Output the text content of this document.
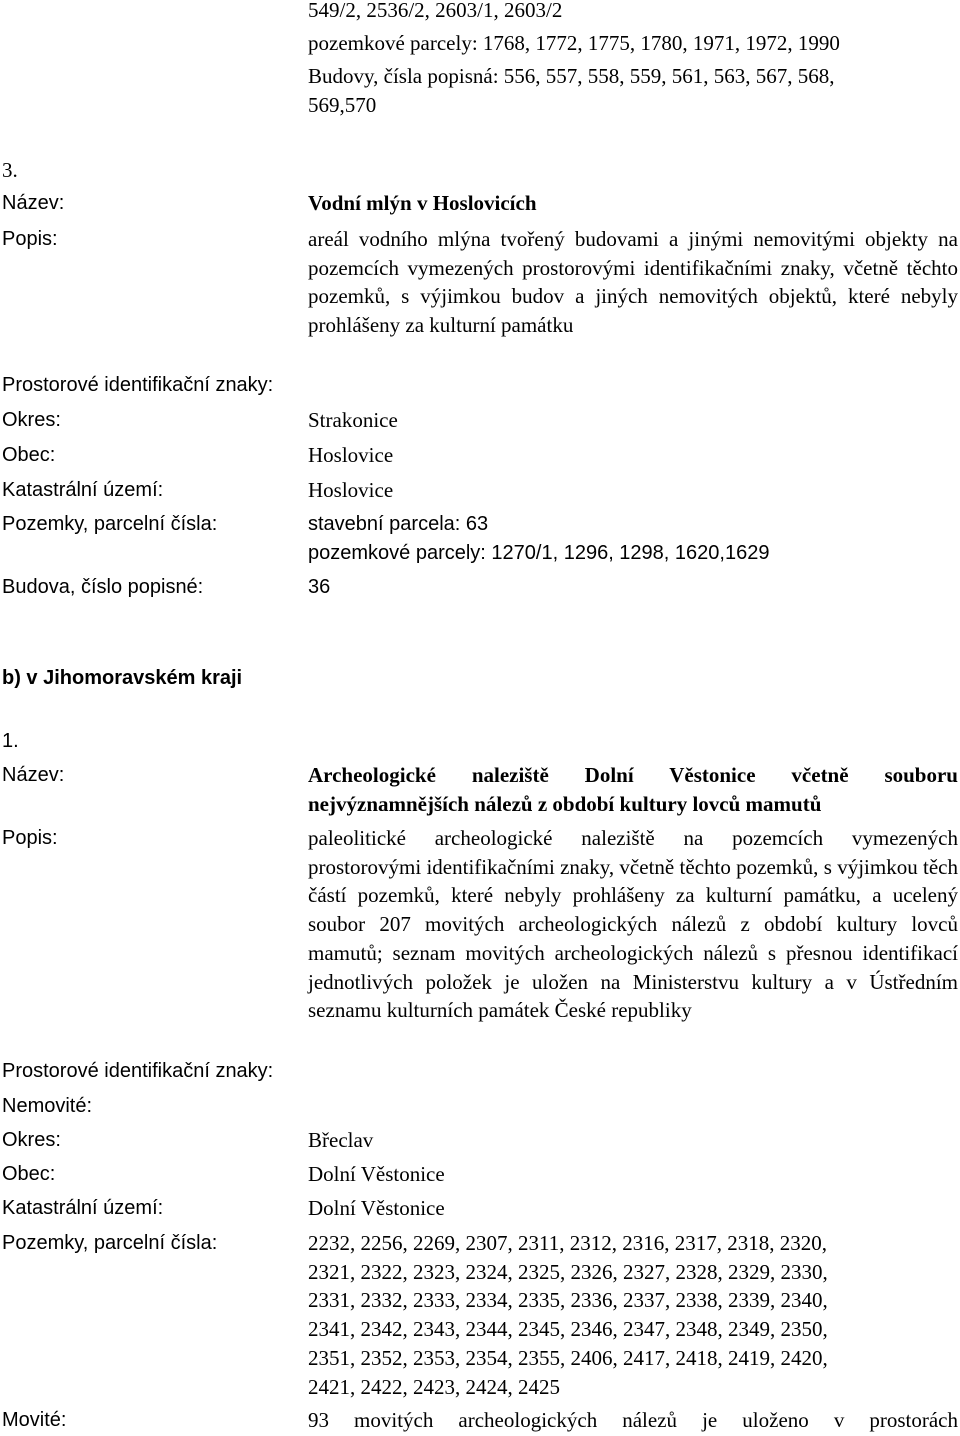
549/2, 2536/2, 2603/1, 2603/2
pozemkové parcely: 1768, 1772, 1775, 1780, 1971, 1972, 1990
Budovy, čísla popisná: 556, 557, 558, 559, 561, 563, 567, 568,
569,570
3.
Název:	Vodní mlýn v Hoslovicích
Popis:	areál vodního mlýna tvořený budovami a jinými nemovitými objekty na pozemcích vymezených prostorovými identifikačními znaky, včetně těchto pozemků, s výjimkou budov a jiných nemovitých objektů, které nebyly prohlášeny za kulturní památku
Prostorové identifikační znaky:
Okres:	Strakonice
Obec:	Hoslovice
Katastrální území:	Hoslovice
Pozemky, parcelní čísla:	stavební parcela: 63
pozemkové parcely: 1270/1, 1296, 1298, 1620,1629
Budova, číslo popisné:	36
b) v Jihomoravském kraji
1.
Název:	Archeologické naleziště Dolní Věstonice včetně souboru nejvýznamnějších nálezů z období kultury lovců mamutů
Popis:	paleolitické archeologické naleziště na pozemcích vymezených prostorovými identifikačními znaky, včetně těchto pozemků, s výjimkou těch částí pozemků, které nebyly prohlášeny za kulturní památku, a ucelený soubor 207 movitých archeologických nálezů z období kultury lovců mamutů; seznam movitých archeologických nálezů s přesnou identifikací jednotlivých položek je uložen na Ministerstvu kultury a v Ústředním seznamu kulturních památek České republiky
Prostorové identifikační znaky:
Nemovité:
Okres:	Břeclav
Obec:	Dolní Věstonice
Katastrální území:	Dolní Věstonice
Pozemky, parcelní čísla:	2232, 2256, 2269, 2307, 2311, 2312, 2316, 2317, 2318, 2320,
2321, 2322, 2323, 2324, 2325, 2326, 2327, 2328, 2329, 2330,
2331, 2332, 2333, 2334, 2335, 2336, 2337, 2338, 2339, 2340,
2341, 2342, 2343, 2344, 2345, 2346, 2347, 2348, 2349, 2350,
2351, 2352, 2353, 2354, 2355, 2406, 2417, 2418, 2419, 2420,
2421, 2422, 2423, 2424, 2425
Movité:	93 movitých archeologických nálezů je uloženo v prostorách
